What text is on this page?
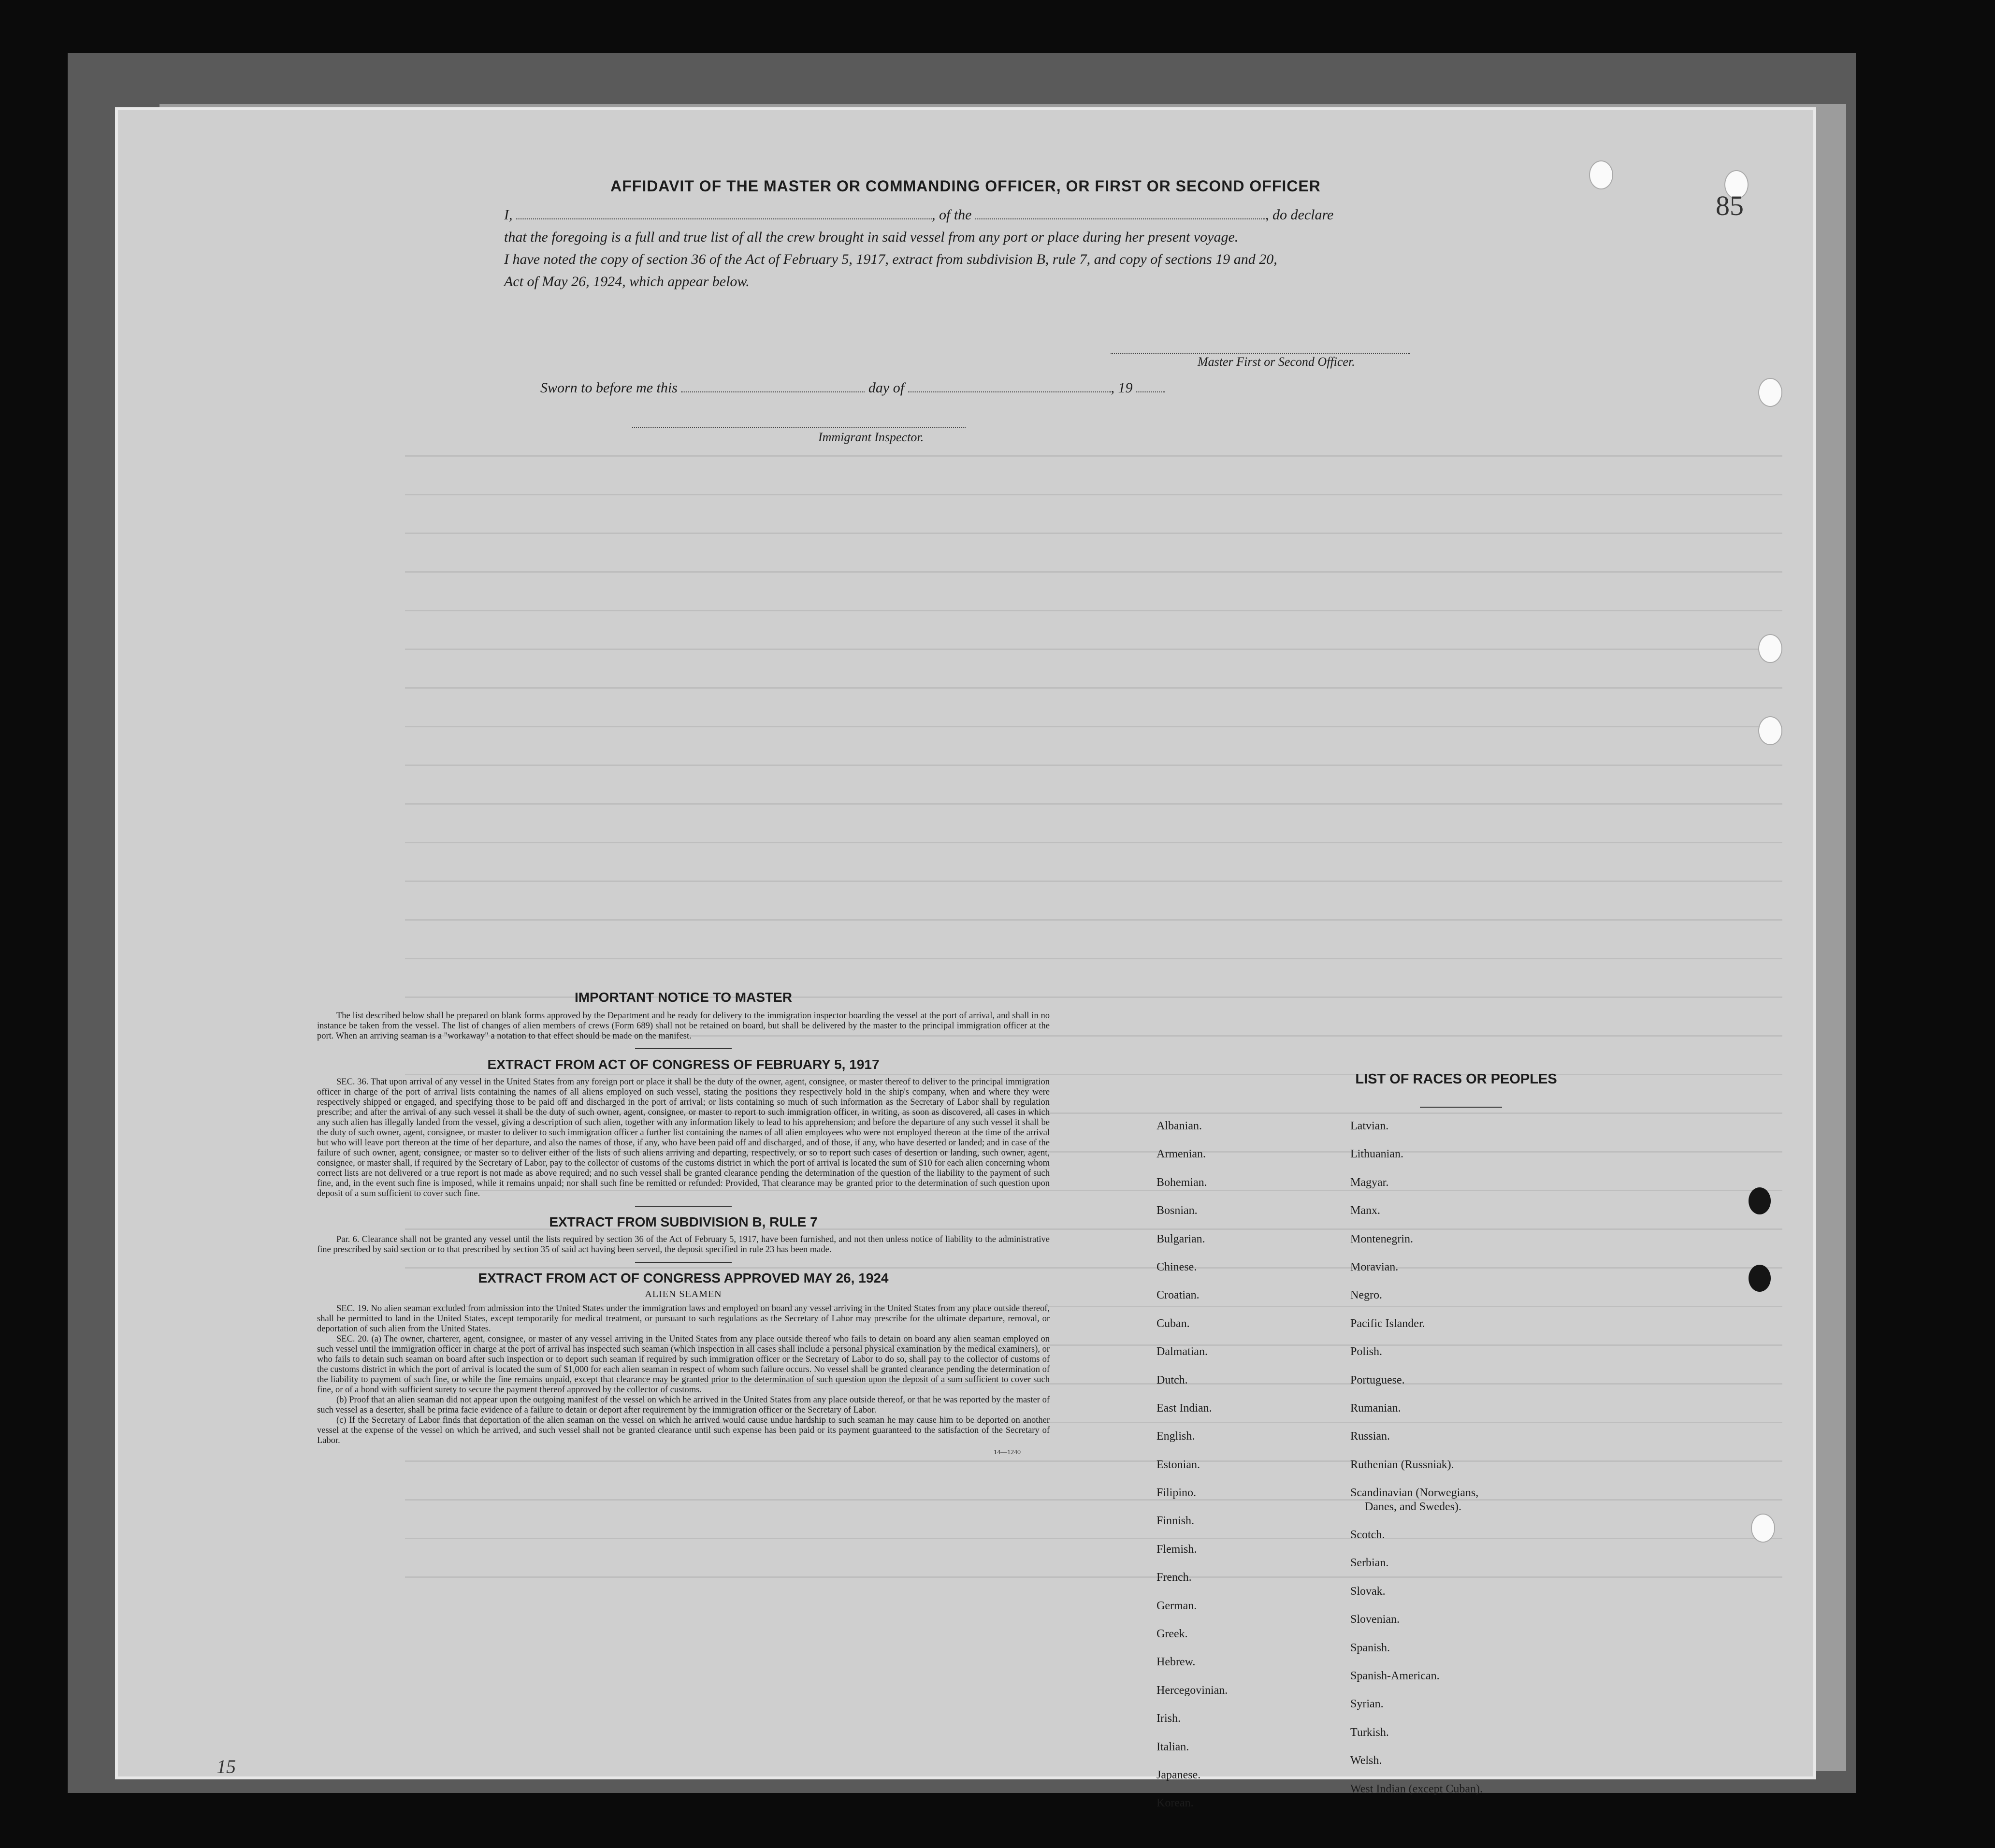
85
AFFIDAVIT OF THE MASTER OR COMMANDING OFFICER, OR FIRST OR SECOND OFFICER
I,	, of the	, do declare
that the foregoing is a full and true list of all the crew brought in said vessel from any port or place during her present voyage.
I have noted the copy of section 36 of the Act of February 5, 1917, extract from subdivision B, rule 7, and copy of sections 19 and 20,
Act of May 26, 1924, which appear below.
Master First or Second Officer.
Sworn to before me this	day of	, 19
Immigrant Inspector.
IMPORTANT NOTICE TO MASTER

The list described below shall be prepared on blank forms approved by the Department and be ready for delivery to the immigration inspector boarding the vessel at the port of arrival, and shall in no instance be taken from the vessel. The list of changes of alien members of crews (Form 689) shall not be retained on board, but shall be delivered by the master to the principal immigration officer at the port. When an arriving seaman is a "workaway" a notation to that effect should be made on the manifest.

EXTRACT FROM ACT OF CONGRESS OF FEBRUARY 5, 1917

SEC. 36. That upon arrival of any vessel in the United States from any foreign port or place it shall be the duty of the owner, agent, consignee, or master thereof to deliver to the principal immigration officer in charge of the port of arrival lists containing the names of all aliens employed on such vessel, stating the positions they respectively hold in the ship's company, when and where they were respectively shipped or engaged, and specifying those to be paid off and discharged in the port of arrival; or lists containing so much of such information as the Secretary of Labor shall by regulation prescribe; and after the arrival of any such vessel it shall be the duty of such owner, agent, consignee, or master to report to such immigration officer, in writing, as soon as discovered, all cases in which any such alien has illegally landed from the vessel, giving a description of such alien, together with any information likely to lead to his apprehension; and before the departure of any such vessel it shall be the duty of such owner, agent, consignee, or master to deliver to such immigration officer a further list containing the names of all alien employees who were not employed thereon at the time of the arrival but who will leave port thereon at the time of her departure, and also the names of those, if any, who have been paid off and discharged, and of those, if any, who have deserted or landed; and in case of the failure of such owner, agent, consignee, or master so to deliver either of the lists of such aliens arriving and departing, respectively, or so to report such cases of desertion or landing, such owner, agent, consignee, or master shall, if required by the Secretary of Labor, pay to the collector of customs of the customs district in which the port of arrival is located the sum of $10 for each alien concerning whom correct lists are not delivered or a true report is not made as above required; and no such vessel shall be granted clearance pending the determination of the question of the liability to the payment of such fine, and, in the event such fine is imposed, while it remains unpaid; nor shall such fine be remitted or refunded: Provided, That clearance may be granted prior to the determination of such question upon deposit of a sum sufficient to cover such fine.

EXTRACT FROM SUBDIVISION B, RULE 7

Par. 6. Clearance shall not be granted any vessel until the lists required by section 36 of the Act of February 5, 1917, have been furnished, and not then unless notice of liability to the administrative fine prescribed by said section or to that prescribed by section 35 of said act having been served, the deposit specified in rule 23 has been made.

EXTRACT FROM ACT OF CONGRESS APPROVED MAY 26, 1924
ALIEN SEAMEN

SEC. 19. No alien seaman excluded from admission into the United States under the immigration laws and employed on board any vessel arriving in the United States from any place outside thereof, shall be permitted to land in the United States, except temporarily for medical treatment, or pursuant to such regulations as the Secretary of Labor may prescribe for the ultimate departure, removal, or deportation of such alien from the United States.

SEC. 20. (a) The owner, charterer, agent, consignee, or master of any vessel arriving in the United States from any place outside thereof who fails to detain on board any alien seaman employed on such vessel until the immigration officer in charge at the port of arrival has inspected such seaman (which inspection in all cases shall include a personal physical examination by the medical examiners), or who fails to detain such seaman on board after such inspection or to deport such seaman if required by such immigration officer or the Secretary of Labor to do so, shall pay to the collector of customs of the customs district in which the port of arrival is located the sum of $1,000 for each alien seaman in respect of whom such failure occurs. No vessel shall be granted clearance pending the determination of the liability to payment of such fine, or while the fine remains unpaid, except that clearance may be granted prior to the determination of such question upon the deposit of a sum sufficient to cover such fine, or of a bond with sufficient surety to secure the payment thereof approved by the collector of customs.

(b) Proof that an alien seaman did not appear upon the outgoing manifest of the vessel on which he arrived in the United States from any place outside thereof, or that he was reported by the master of such vessel as a deserter, shall be prima facie evidence of a failure to detain or deport after requirement by the immigration officer or the Secretary of Labor.

(c) If the Secretary of Labor finds that deportation of the alien seaman on the vessel on which he arrived would cause undue hardship to such seaman he may cause him to be deported on another vessel at the expense of the vessel on which he arrived, and such vessel shall not be granted clearance until such expense has been paid or its payment guaranteed to the satisfaction of the Secretary of Labor.

14—1240
LIST OF RACES OR PEOPLES
Albanian.
Armenian.
Bohemian.
Bosnian.
Bulgarian.
Chinese.
Croatian.
Cuban.
Dalmatian.
Dutch.
East Indian.
English.
Estonian.
Filipino.
Finnish.
Flemish.
French.
German.
Greek.
Hebrew.
Hercegovinian.
Irish.
Italian.
Japanese.
Korean.
Latvian.
Lithuanian.
Magyar.
Manx.
Montenegrin.
Moravian.
Negro.
Pacific Islander.
Polish.
Portuguese.
Rumanian.
Russian.
Ruthenian (Russniak).
Scandinavian (Norwegians,
Danes, and Swedes).
Scotch.
Serbian.
Slovak.
Slovenian.
Spanish.
Spanish-American.
Syrian.
Turkish.
Welsh.
West Indian (except Cuban).
15
